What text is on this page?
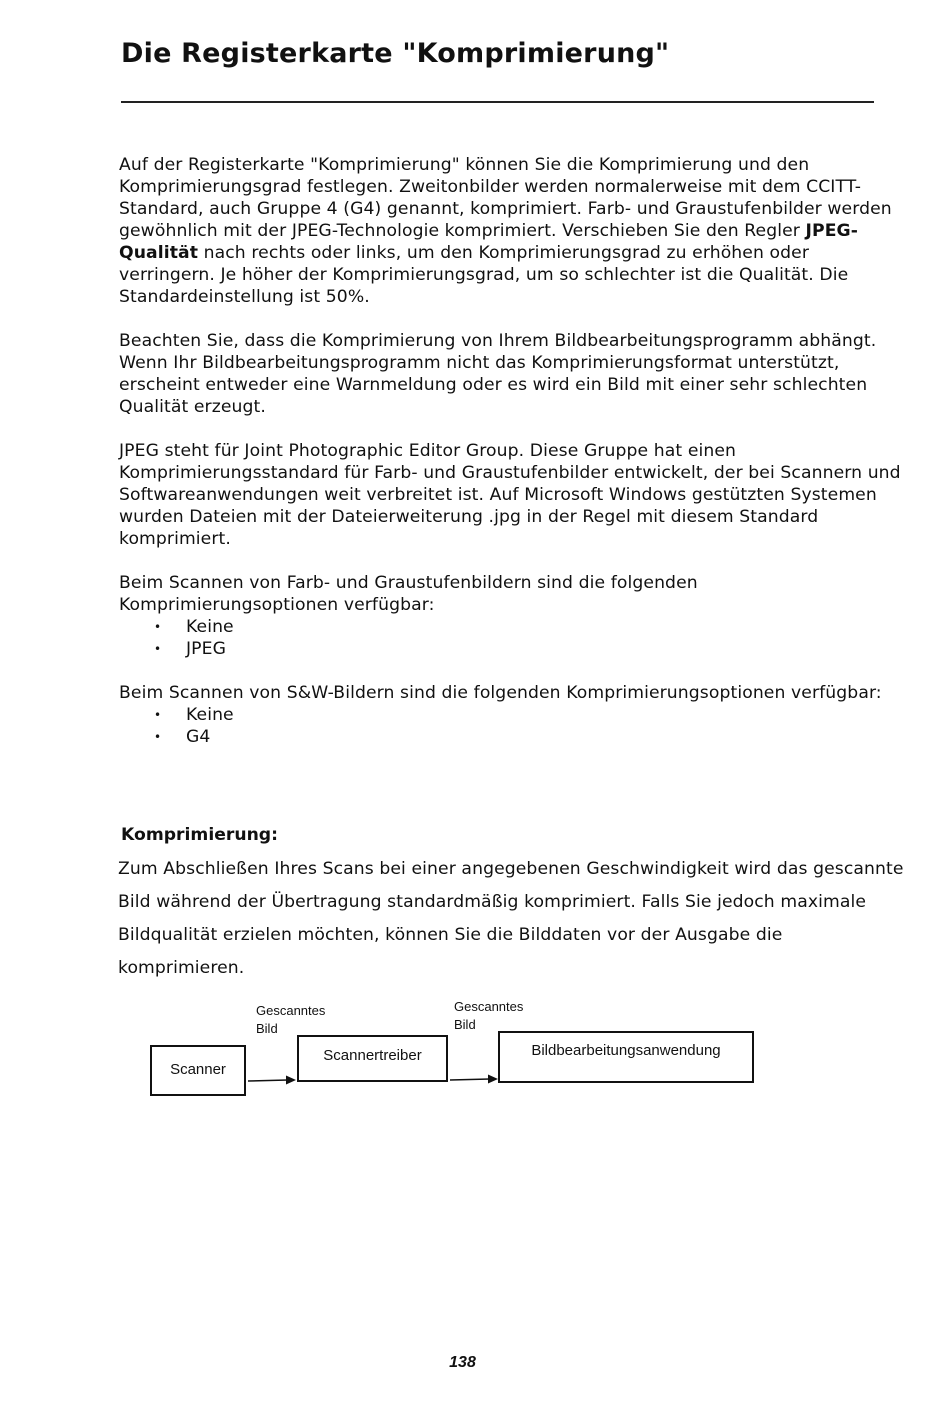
Die Registerkarte "Komprimierung"

Auf der Registerkarte "Komprimierung" können Sie die Komprimierung und den Komprimierungsgrad festlegen. Zweitonbilder werden normalerweise mit dem CCITT-Standard, auch Gruppe 4 (G4) genannt, komprimiert. Farb- und Graustufenbilder werden gewöhnlich mit der JPEG-Technologie komprimiert. Verschieben Sie den Regler JPEG-Qualität nach rechts oder links, um den Komprimierungsgrad zu erhöhen oder verringern. Je höher der Komprimierungsgrad, um so schlechter ist die Qualität. Die Standardeinstellung ist 50%.

Beachten Sie, dass die Komprimierung von Ihrem Bildbearbeitungsprogramm abhängt. Wenn Ihr Bildbearbeitungsprogramm nicht das Komprimierungsformat unterstützt, erscheint entweder eine Warnmeldung oder es wird ein Bild mit einer sehr schlechten Qualität erzeugt.

JPEG steht für Joint Photographic Editor Group. Diese Gruppe hat einen Komprimierungsstandard für Farb- und Graustufenbilder entwickelt, der bei Scannern und Softwareanwendungen weit verbreitet ist. Auf Microsoft Windows gestützten Systemen wurden Dateien mit der Dateierweiterung .jpg in der Regel mit diesem Standard komprimiert.

Beim Scannen von Farb- und Graustufenbildern sind die folgenden Komprimierungsoptionen verfügbar:

• Keine
• JPEG

Beim Scannen von S&W-Bildern sind die folgenden Komprimierungsoptionen verfügbar:

• Keine
• G4
Komprimierung:

Zum Abschließen Ihres Scans bei einer angegebenen Geschwindigkeit wird das gescannte Bild während der Übertragung standardmäßig komprimiert. Falls Sie jedoch maximale Bildqualität erzielen möchten, können Sie die Bilddaten vor der Ausgabe die komprimieren.

Gescanntes
Bild
Gescanntes
Bild
Scanner
Scannertreiber	Bildbearbeitungsanwendung
138
